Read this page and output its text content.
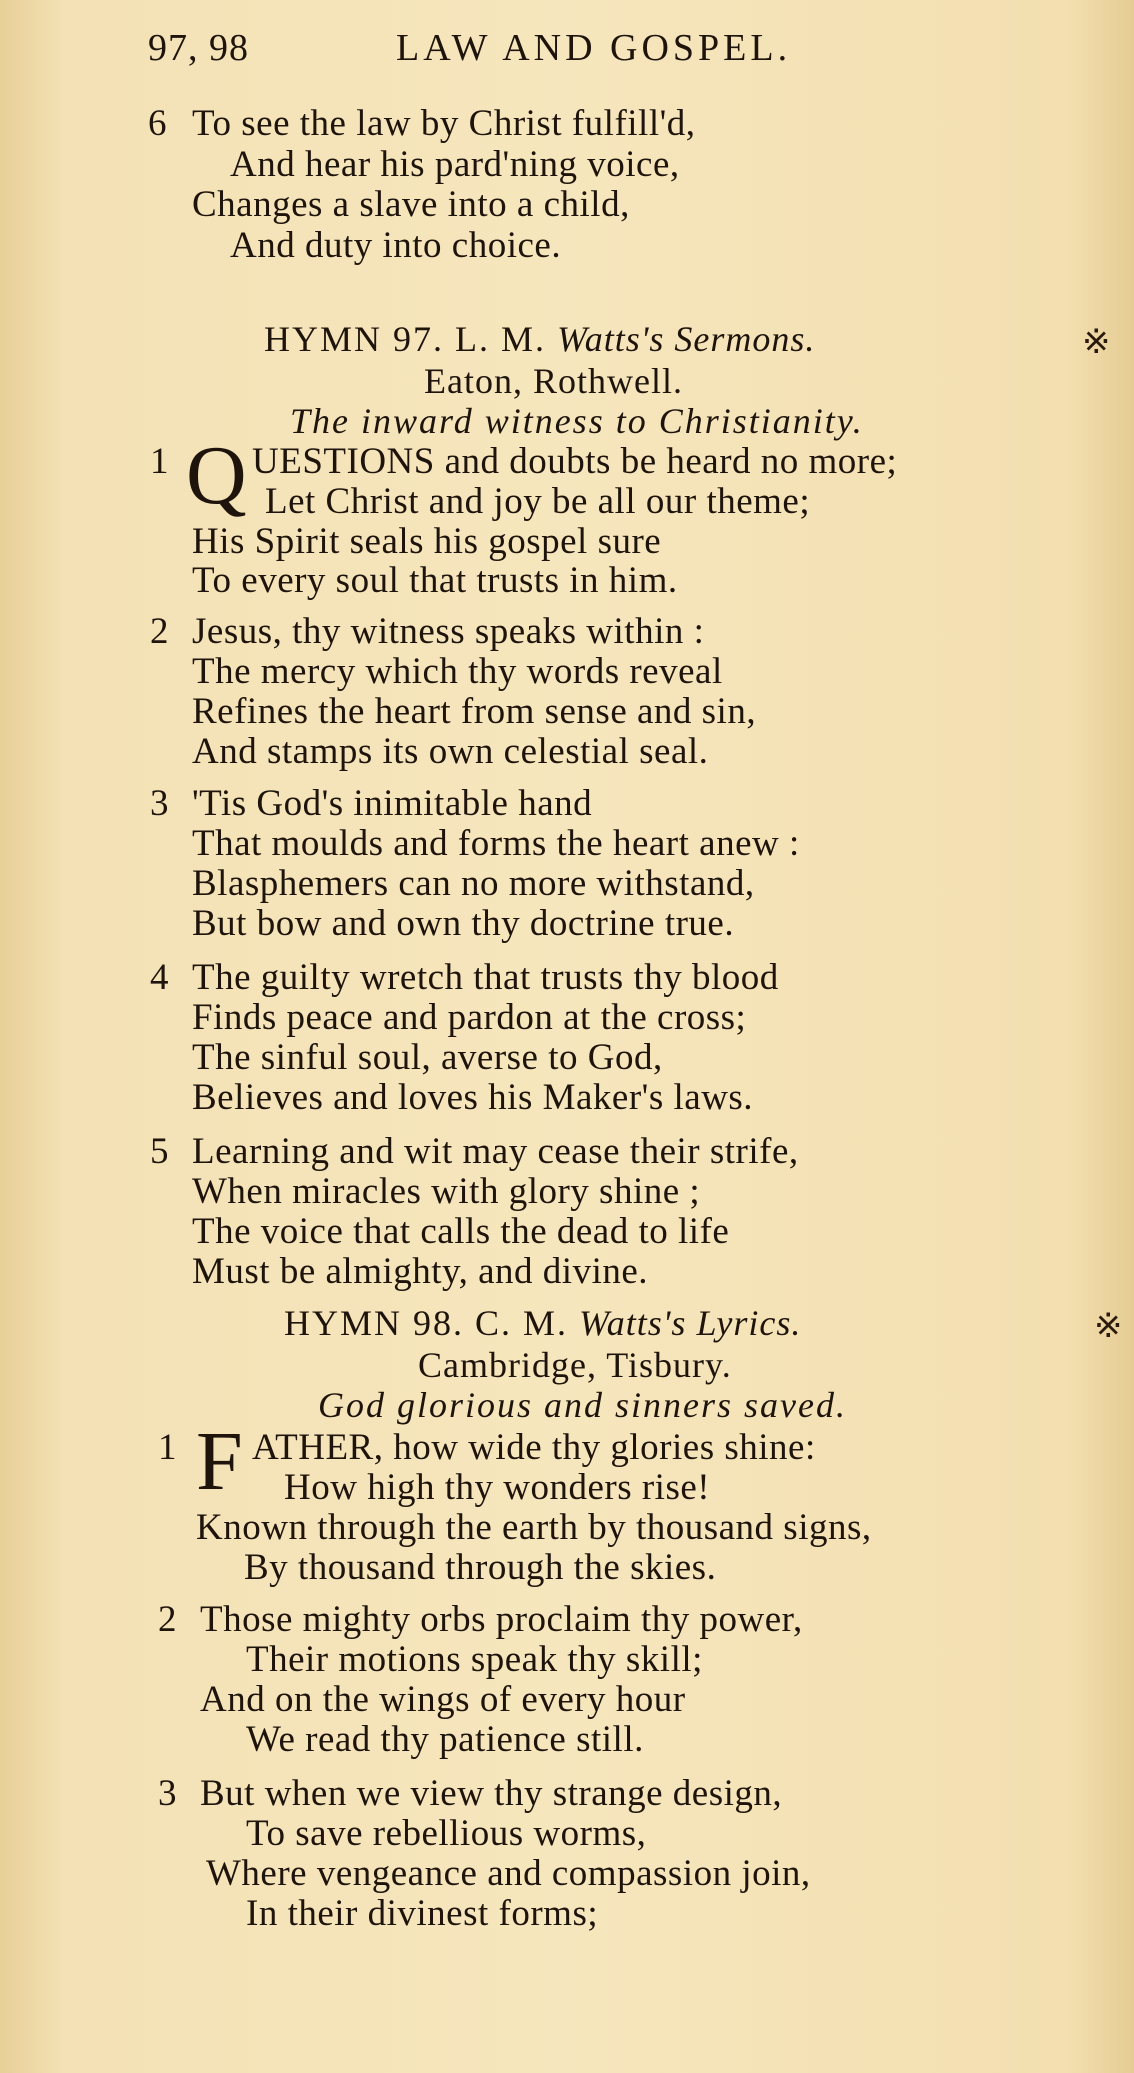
97, 98	LAW AND GOSPEL.
6 To see the law by Christ fulfill'd,
And hear his pard'ning voice,
Changes a slave into a child,
And duty into choice.
HYMN 97. L. M. Watts's Sermons.	※
Eaton, Rothwell.
The inward witness to Christianity.
1 Q UESTIONS and doubts be heard no more;
Let Christ and joy be all our theme;
His Spirit seals his gospel sure
To every soul that trusts in him.
2 Jesus, thy witness speaks within :
The mercy which thy words reveal
Refines the heart from sense and sin,
And stamps its own celestial seal.
3 'Tis God's inimitable hand
That moulds and forms the heart anew :
Blasphemers can no more withstand,
But bow and own thy doctrine true.
4 The guilty wretch that trusts thy blood
Finds peace and pardon at the cross;
The sinful soul, averse to God,
Believes and loves his Maker's laws.
5 Learning and wit may cease their strife,
When miracles with glory shine ;
The voice that calls the dead to life
Must be almighty, and divine.
HYMN 98. C. M. Watts's Lyrics.	※
Cambridge, Tisbury.
God glorious and sinners saved.
1 F ATHER, how wide thy glories shine:
How high thy wonders rise!
Known through the earth by thousand signs,
By thousand through the skies.
2 Those mighty orbs proclaim thy power,
Their motions speak thy skill;
And on the wings of every hour
We read thy patience still.
3 But when we view thy strange design,
To save rebellious worms,
Where vengeance and compassion join,
In their divinest forms;
